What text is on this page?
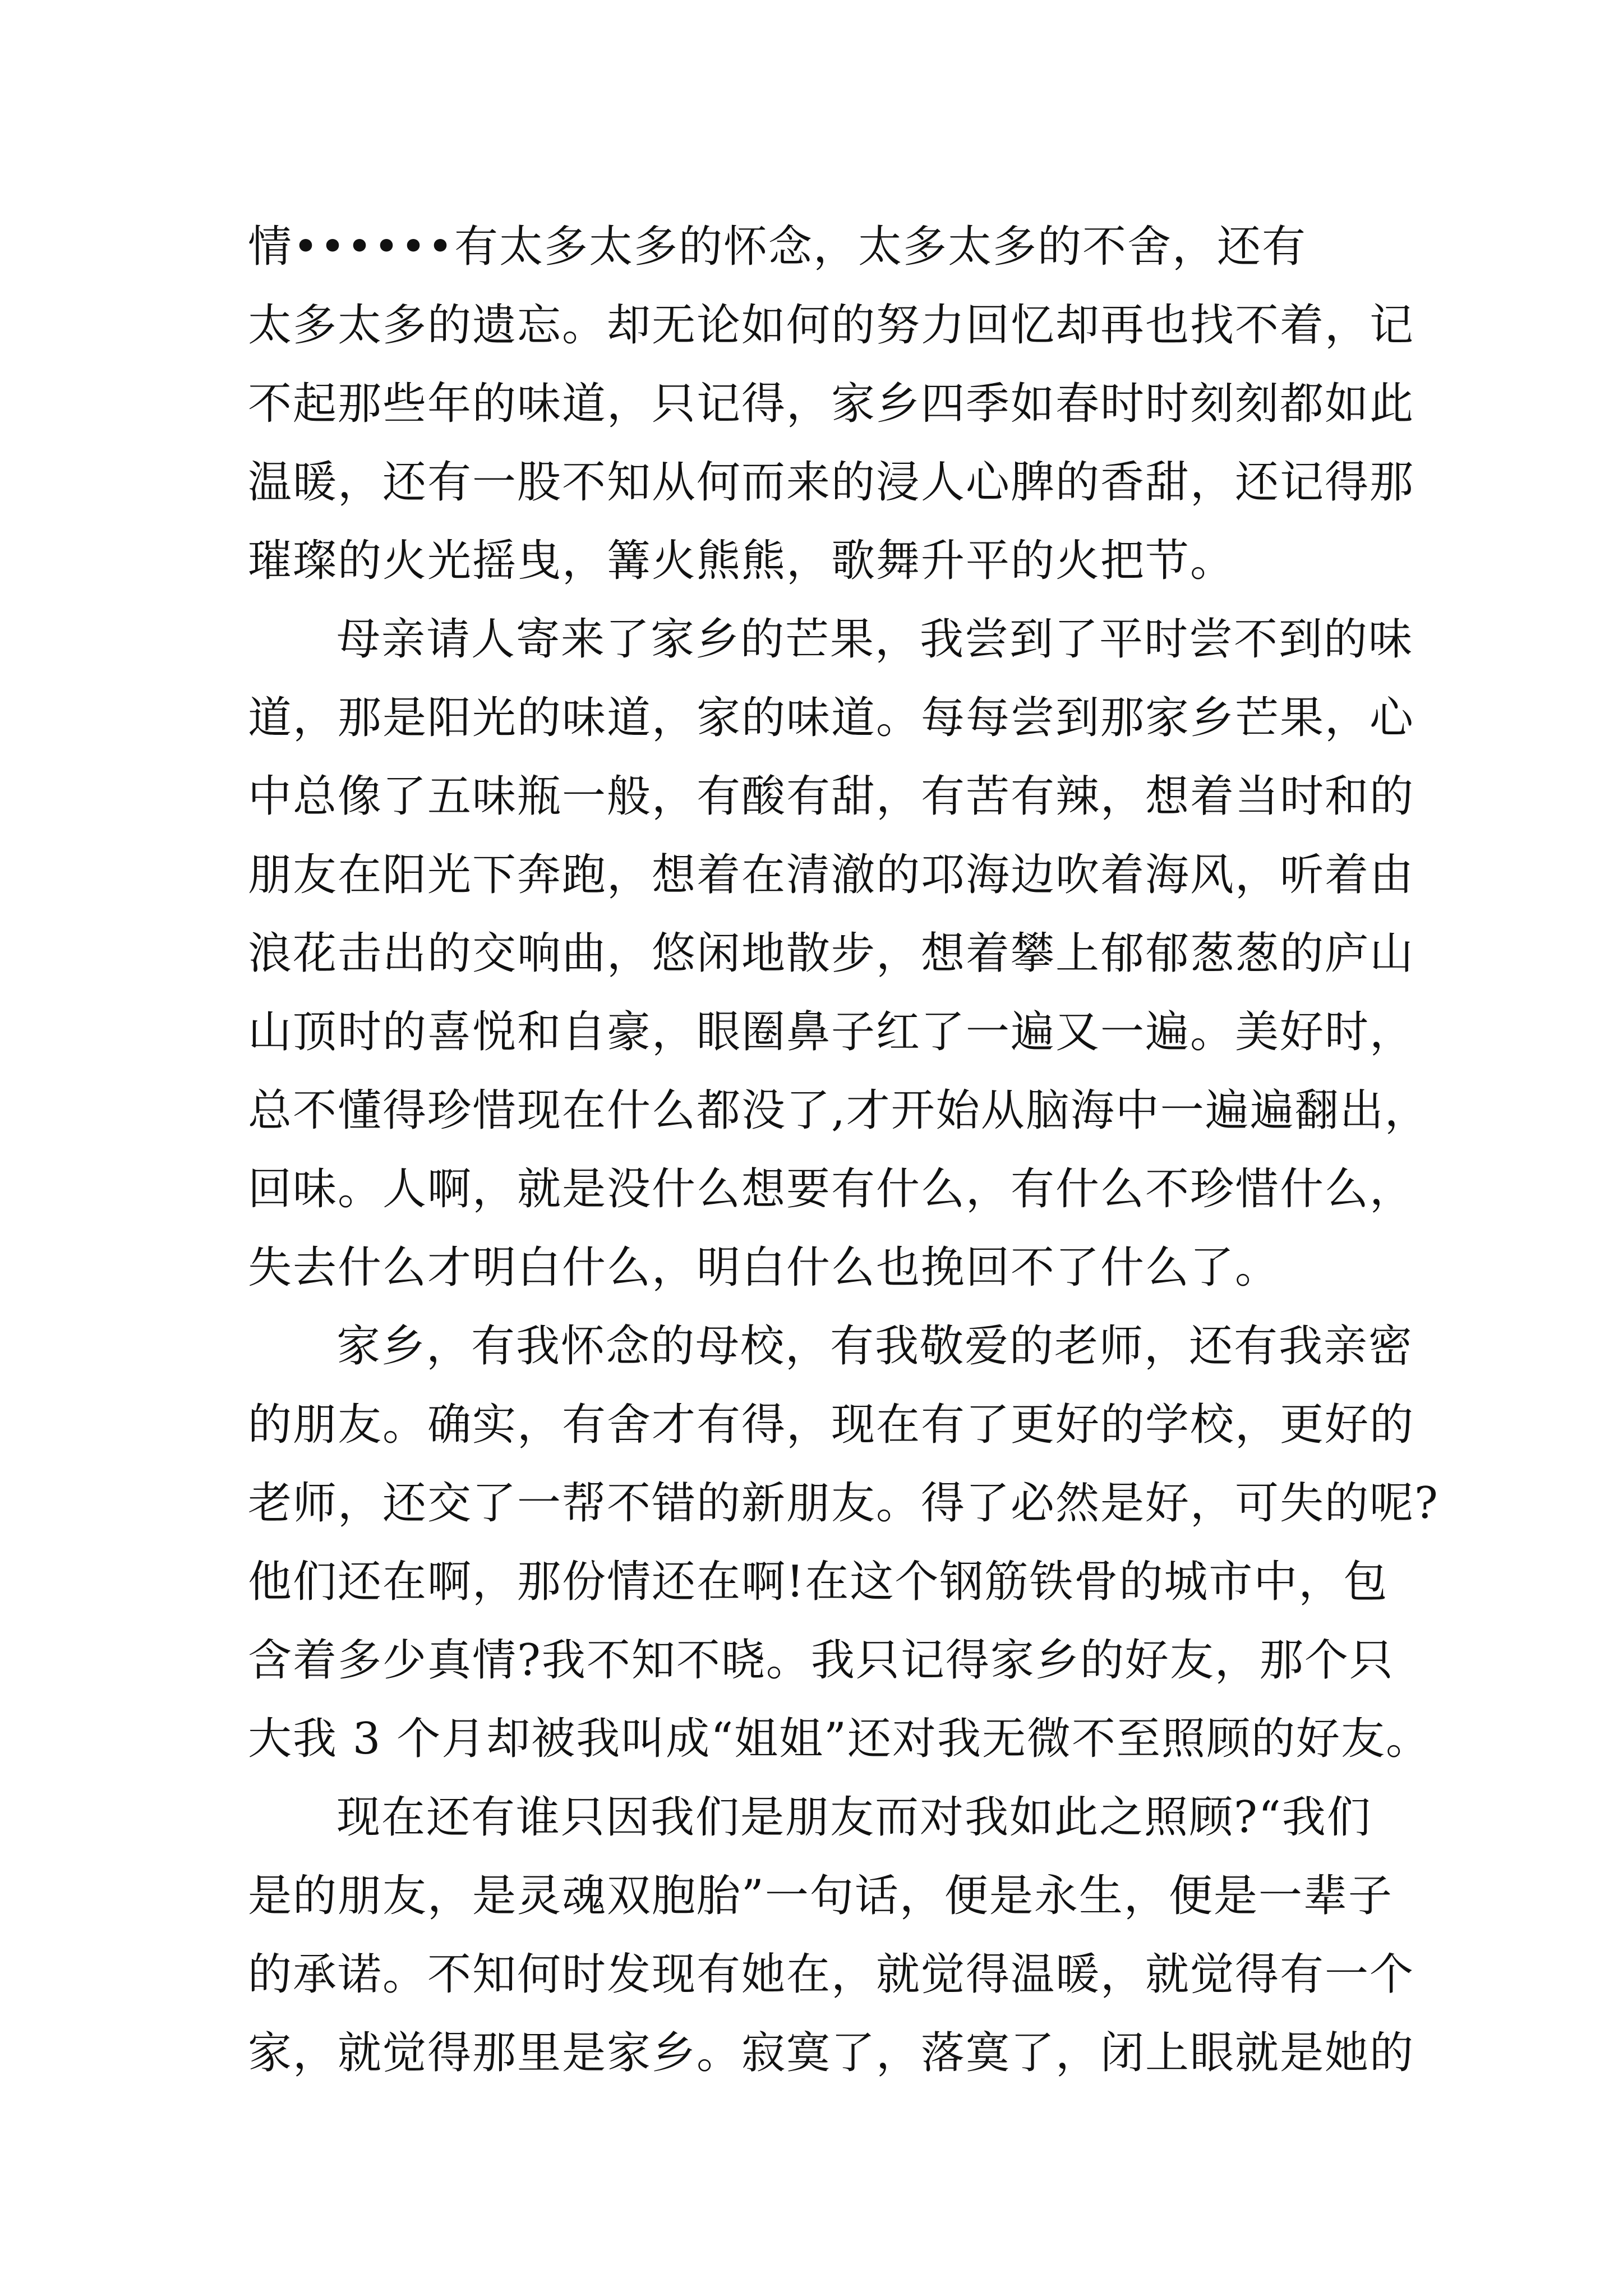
情••••••有太多太多的怀念，太多太多的不舍，还有
太多太多的遗忘。却无论如何的努力回忆却再也找不着，记
不起那些年的味道，只记得，家乡四季如春时时刻刻都如此
温暖，还有一股不知从何而来的浸人心脾的香甜，还记得那
璀璨的火光摇曳，篝火熊熊，歌舞升平的火把节。
母亲请人寄来了家乡的芒果，我尝到了平时尝不到的味
道，那是阳光的味道，家的味道。每每尝到那家乡芒果，心
中总像了五味瓶一般，有酸有甜，有苦有辣，想着当时和的
朋友在阳光下奔跑，想着在清澈的邛海边吹着海风，听着由
浪花击出的交响曲，悠闲地散步，想着攀上郁郁葱葱的庐山
山顶时的喜悦和自豪，眼圈鼻子红了一遍又一遍。美好时，
总不懂得珍惜现在什么都没了,才开始从脑海中一遍遍翻出，
回味。人啊，就是没什么想要有什么，有什么不珍惜什么，
失去什么才明白什么，明白什么也挽回不了什么了。
家乡，有我怀念的母校，有我敬爱的老师，还有我亲密
的朋友。确实，有舍才有得，现在有了更好的学校，更好的
老师，还交了一帮不错的新朋友。得了必然是好，可失的呢?
他们还在啊，那份情还在啊!在这个钢筋铁骨的城市中，包
含着多少真情?我不知不晓。我只记得家乡的好友，那个只
大我 3 个月却被我叫成“姐姐”还对我无微不至照顾的好友。
现在还有谁只因我们是朋友而对我如此之照顾?“我们
是的朋友，是灵魂双胞胎”一句话，便是永生，便是一辈子
的承诺。不知何时发现有她在，就觉得温暖，就觉得有一个
家，就觉得那里是家乡。寂寞了，落寞了，闭上眼就是她的
